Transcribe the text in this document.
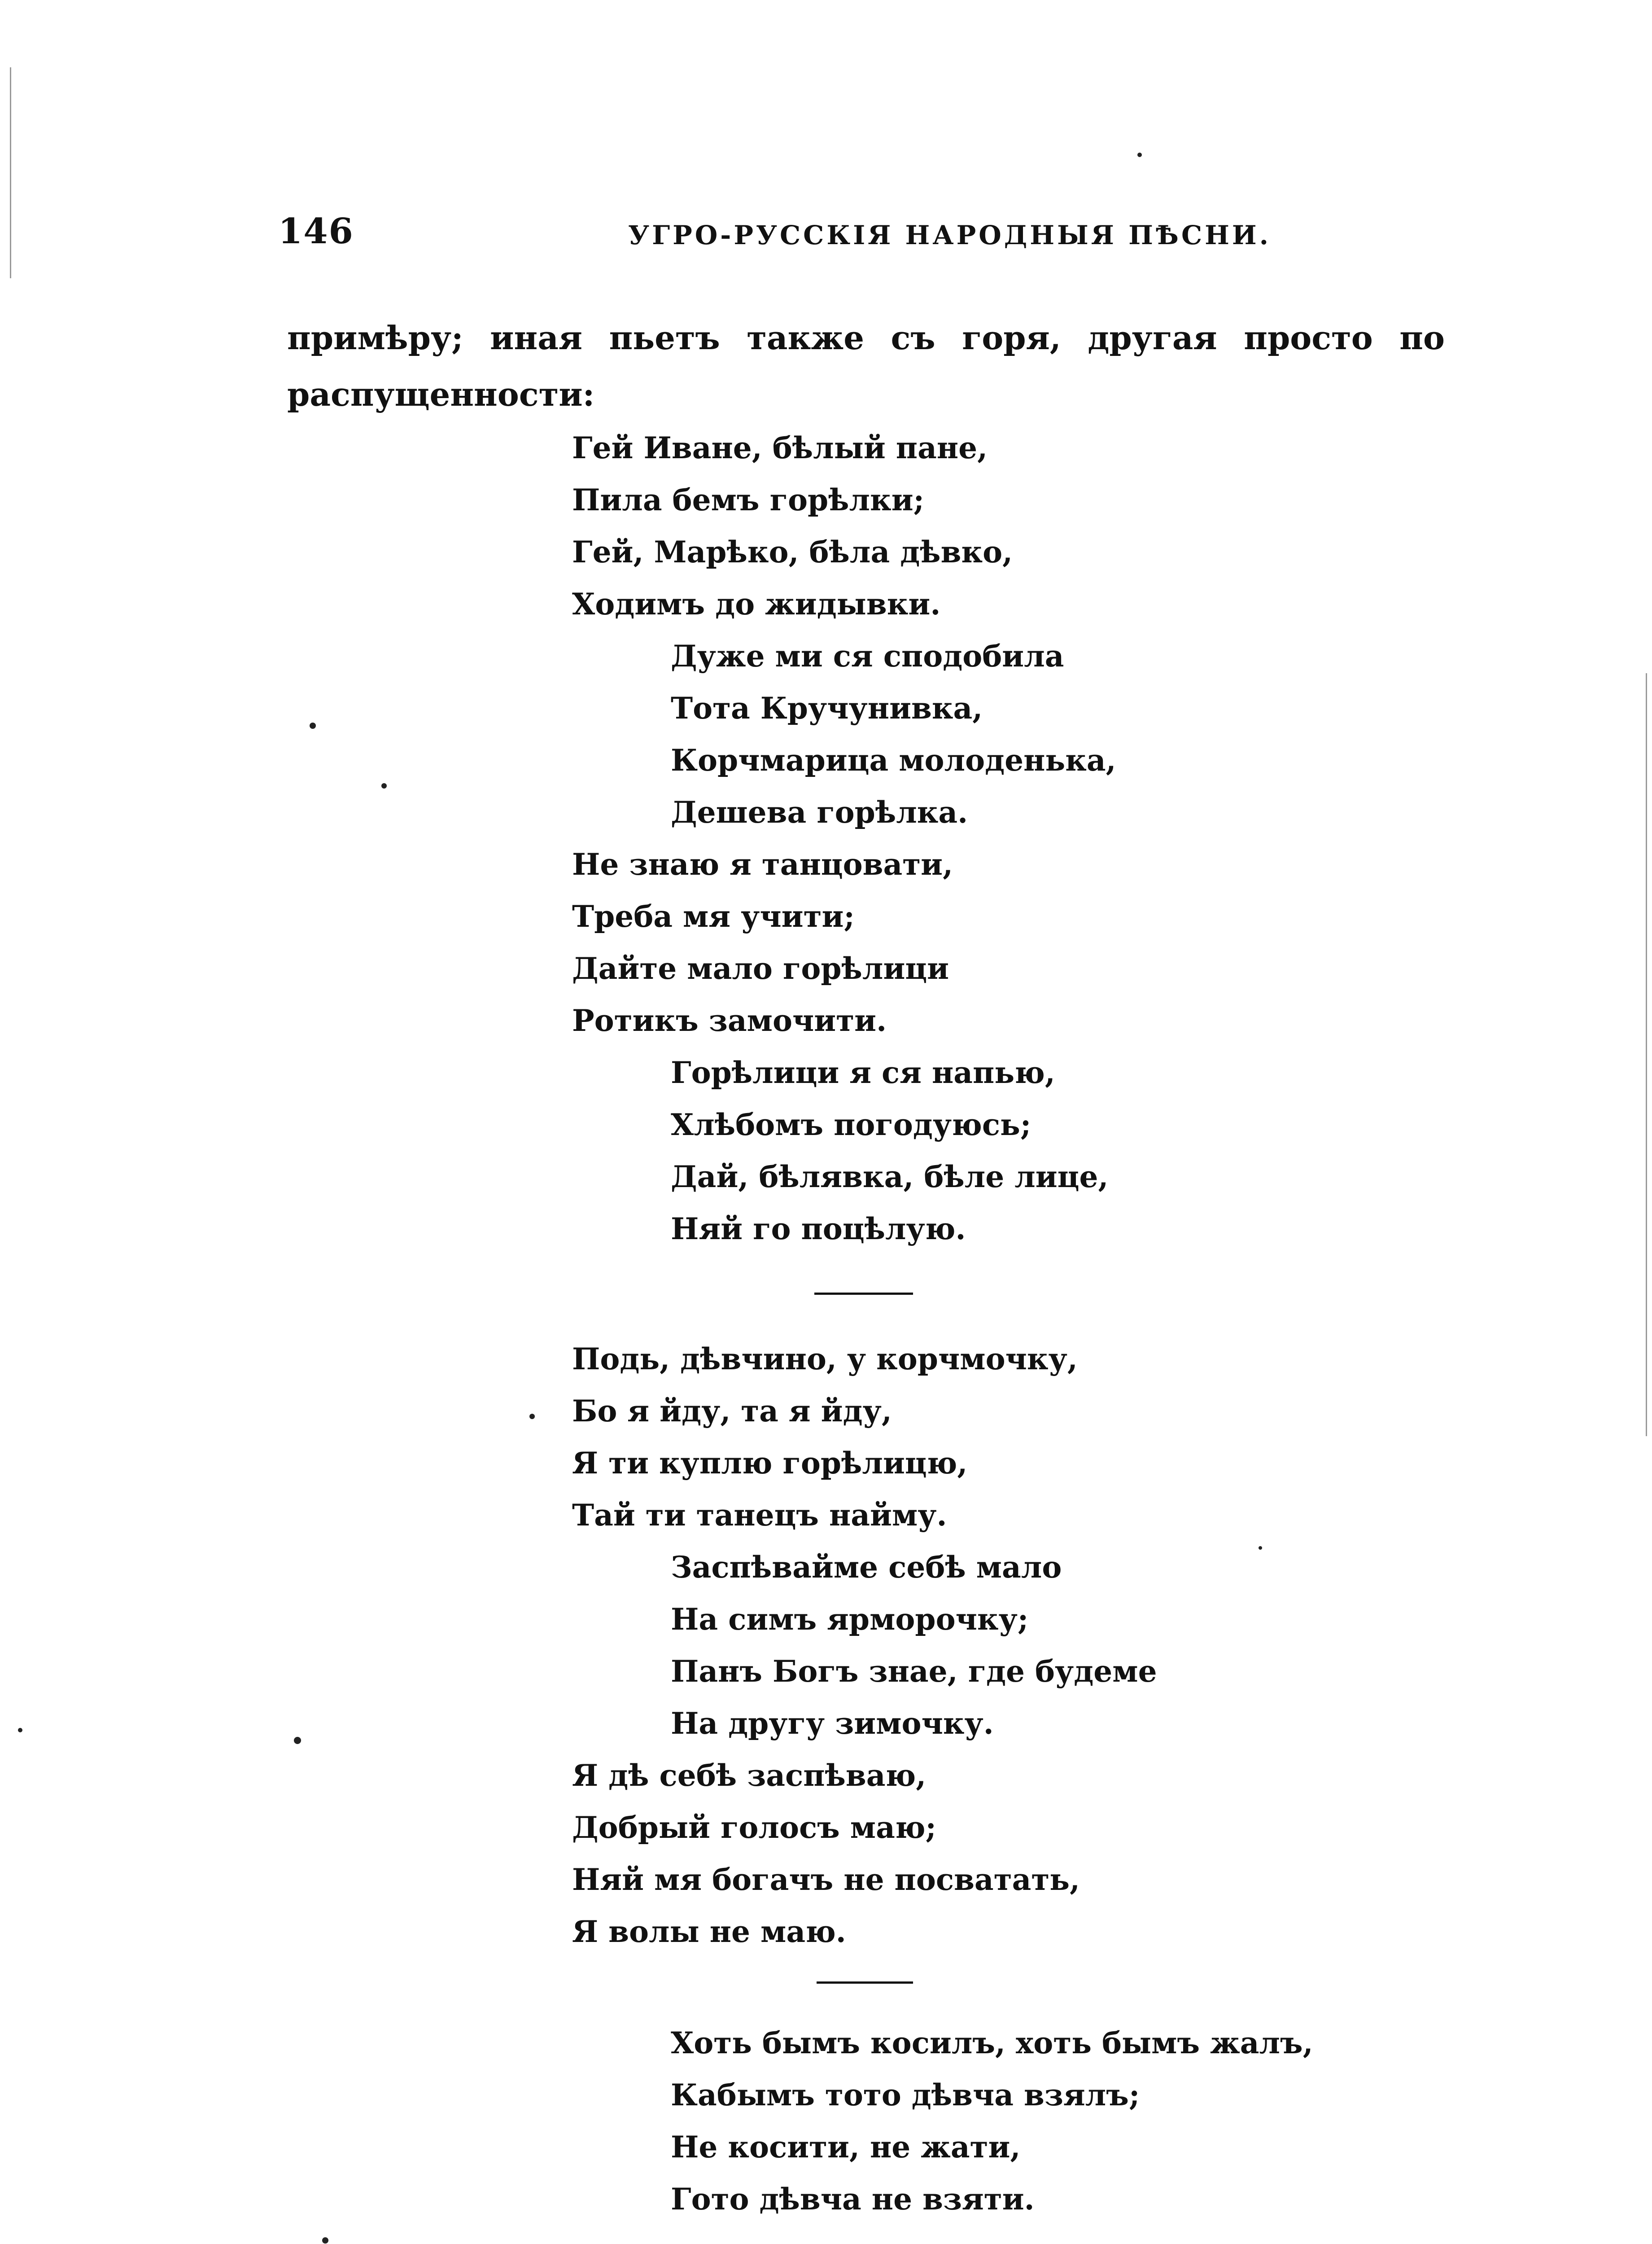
146	УГРО-РУССКІЯ НАРОДНЫЯ ПѢСНИ.

примѣру; иная пьетъ также съ горя, другая просто по распущенности:

Гей Иване, бѣлый пане,
Пила бемъ горѣлки;
Гей, Марѣко, бѣла дѣвко,
Ходимъ до жидывки.
Дуже ми ся сподобила
Тота Кручунивка,
Корчмарица молоденька,
Дешева горѣлка.
Не знаю я танцовати,
Треба мя учити;
Дайте мало горѣлици
Ротикъ замочити.
Горѣлици я ся напью,
Хлѣбомъ погодуюсь;
Дай, бѣлявка, бѣле лице,
Няй го поцѣлую.
Подь, дѣвчино, у корчмочку,
Бо я йду, та я йду,
Я ти куплю горѣлицю,
Тай ти танецъ найму.
Заспѣвайме себѣ мало
На симъ ярморочку;
Панъ Богъ знае, где будеме
На другу зимочку.
Я дѣ себѣ заспѣваю,
Добрый голосъ маю;
Няй мя богачъ не посватать,
Я волы не маю.
Хоть бымъ косилъ, хоть бымъ жалъ,
Кабымъ тото дѣвча взялъ;
Не косити, не жати,
Гото дѣвча не взяти.
